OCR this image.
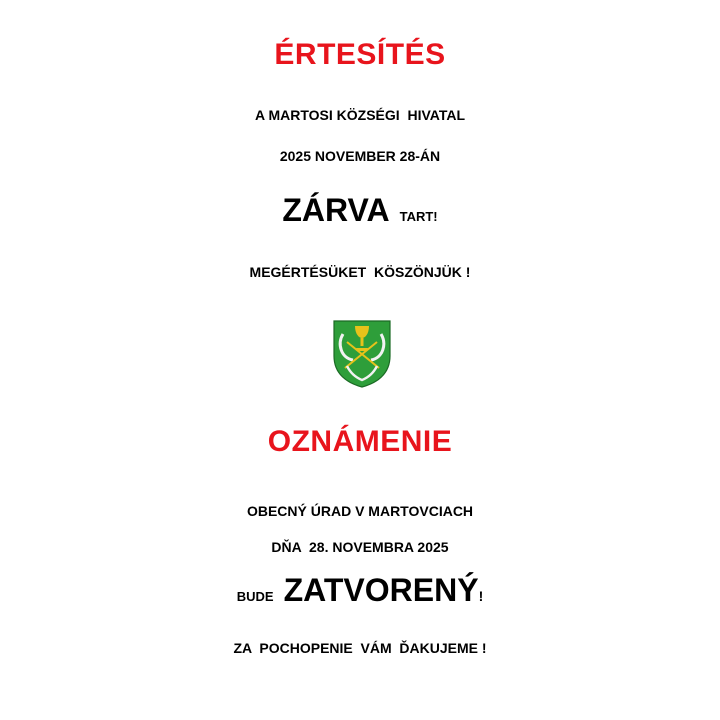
ÉRTESÍTÉS
A MARTOSI KÖZSÉGI  HIVATAL
2025 NOVEMBER 28-ÁN
ZÁRVA TART!
MEGÉRTÉSÜKET  KÖSZÖNJÜK !
OZNÁMENIE
OBECNÝ ÚRAD V MARTOVCIACH
DŇA  28. NOVEMBRA 2025
BUDE ZATVORENÝ!
ZA  POCHOPENIE  VÁM  ĎAKUJEME !
